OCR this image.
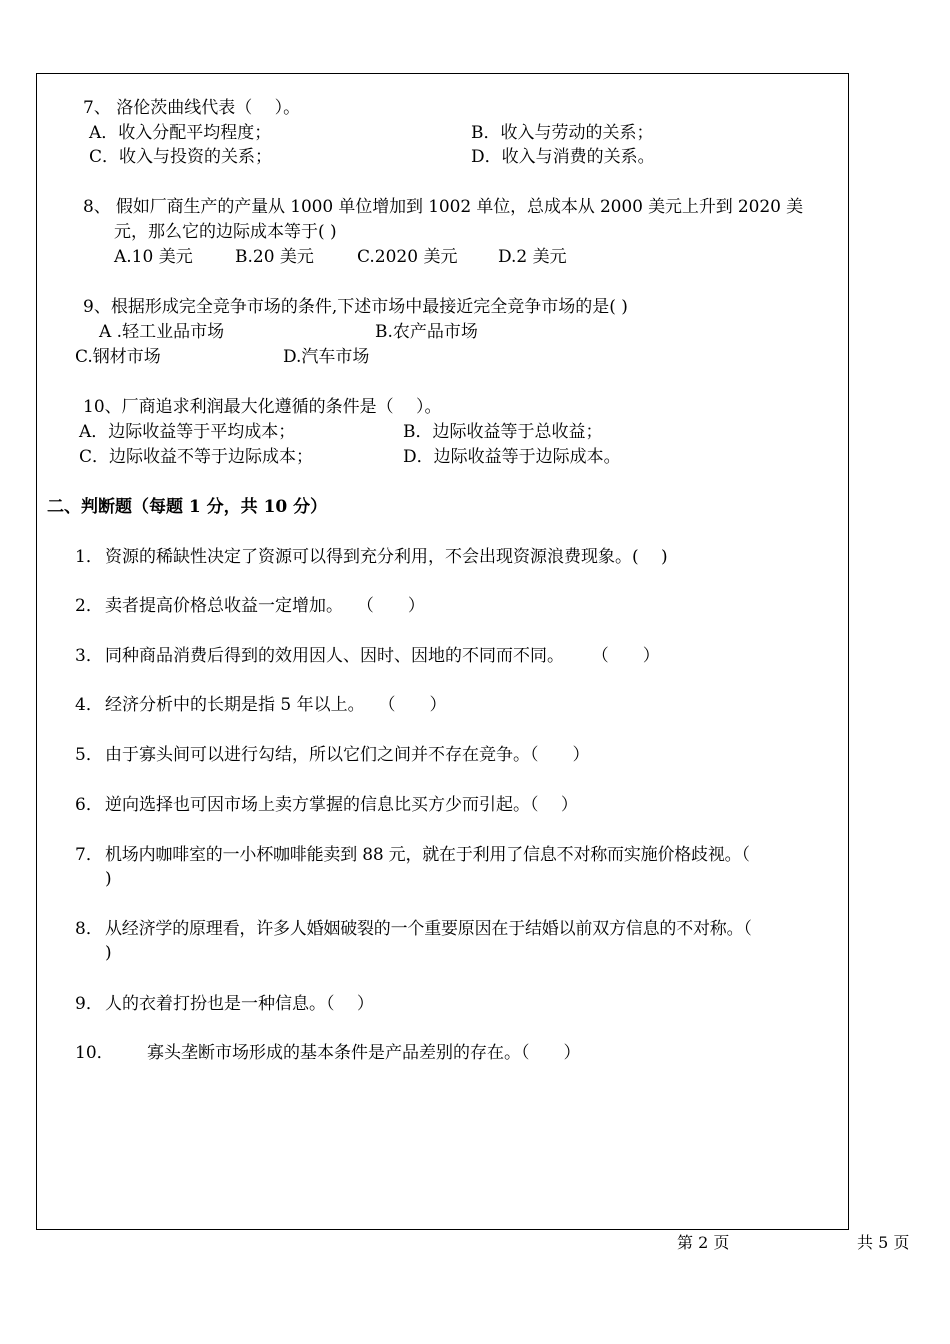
7、 洛伦茨曲线代表（　 ）。
A．收入分配平均程度；	B．收入与劳动的关系；
C．收入与投资的关系；	D．收入与消费的关系。
8、 假如厂商生产的产量从 1000 单位增加到 1002 单位，总成本从 2000 美元上升到 2020 美
元，那么它的边际成本等于( )
A.10 美元 B.20 美元	C.2020 美元 D.2 美元
9、根据形成完全竞争市场的条件,下述市场中最接近完全竞争市场的是( )
A .轻工业品市场	B.农产品市场
C.钢材市场	D.汽车市场
10、厂商追求利润最大化遵循的条件是（　 ）。
A．边际收益等于平均成本；	B．边际收益等于总收益；
C．边际收益不等于边际成本；	D．边际收益等于边际成本。
二、判断题（每题 1 分，共 10 分）
1． 资源的稀缺性决定了资源可以得到充分利用，不会出现资源浪费现象。( 　)
2． 卖者提高价格总收益一定增加。 　（　　）
3． 同种商品消费后得到的效用因人、因时、因地的不同而不同。 　 （　　）
4． 经济分析中的长期是指 5 年以上。 　（　　）
5． 由于寡头间可以进行勾结，所以它们之间并不存在竞争。（　　）
6． 逆向选择也可因市场上卖方掌握的信息比买方少而引起。（　 ）
7． 机场内咖啡室的一小杯咖啡能卖到 88 元，就在于利用了信息不对称而实施价格歧视。（
)
8． 从经济学的原理看，许多人婚姻破裂的一个重要原因在于结婚以前双方信息的不对称。（
)
9． 人的衣着打扮也是一种信息。（　 ）
10． 寡头垄断市场形成的基本条件是产品差别的存在。（　　）
第 2 页	共 5 页
